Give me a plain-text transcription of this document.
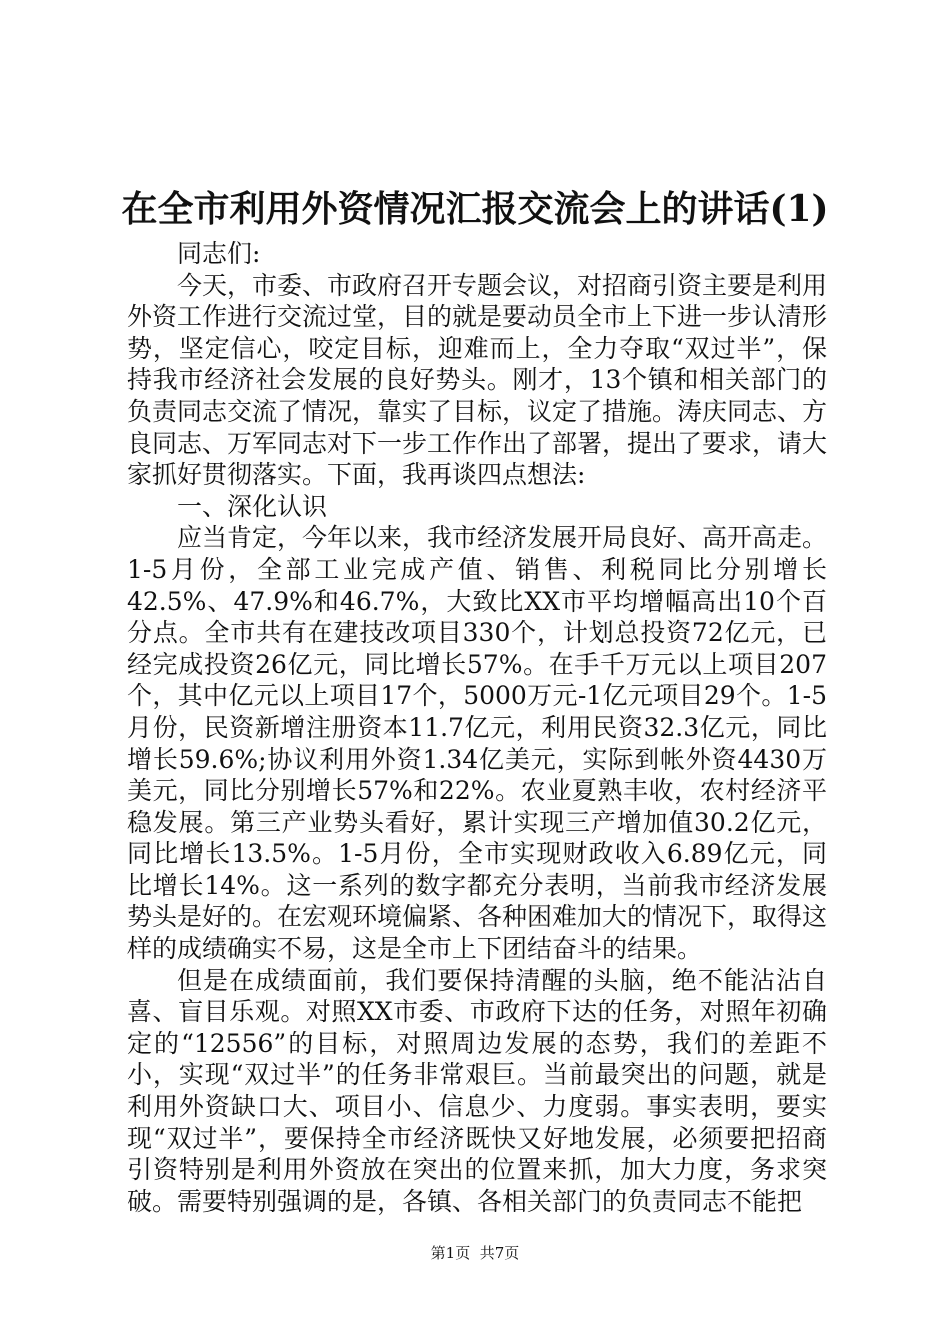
在全市利用外资情况汇报交流会上的讲话(1)

同志们:

今天，市委、市政府召开专题会议，对招商引资主要是利用外资工作进行交流过堂，目的就是要动员全市上下进一步认清形势，坚定信心，咬定目标，迎难而上，全力夺取“双过半”，保持我市经济社会发展的良好势头。刚才，13个镇和相关部门的负责同志交流了情况，靠实了目标，议定了措施。涛庆同志、方良同志、万军同志对下一步工作作出了部署，提出了要求，请大家抓好贯彻落实。下面，我再谈四点想法:

一、深化认识

应当肯定，今年以来，我市经济发展开局良好、高开高走。1-5月份，全部工业完成产值、销售、利税同比分别增长42.5%、47.9%和46.7%，大致比XX市平均增幅高出10个百分点。全市共有在建技改项目330个，计划总投资72亿元，已经完成投资26亿元，同比增长57%。在手千万元以上项目207个，其中亿元以上项目17个，5000万元-1亿元项目29个。1-5月份，民资新增注册资本11.7亿元，利用民资32.3亿元，同比增长59.6%;协议利用外资1.34亿美元，实际到帐外资4430万美元，同比分别增长57%和22%。农业夏熟丰收，农村经济平稳发展。第三产业势头看好，累计实现三产增加值30.2亿元，同比增长13.5%。1-5月份，全市实现财政收入6.89亿元，同比增长14%。这一系列的数字都充分表明，当前我市经济发展势头是好的。在宏观环境偏紧、各种困难加大的情况下，取得这样的成绩确实不易，这是全市上下团结奋斗的结果。

但是在成绩面前，我们要保持清醒的头脑，绝不能沾沾自喜、盲目乐观。对照XX市委、市政府下达的任务，对照年初确定的“12556”的目标，对照周边发展的态势，我们的差距不小，实现“双过半”的任务非常艰巨。当前最突出的问题，就是利用外资缺口大、项目小、信息少、力度弱。事实表明，要实现“双过半”，要保持全市经济既快又好地发展，必须要把招商引资特别是利用外资放在突出的位置来抓，加大力度，务求突破。需要特别强调的是，各镇、各相关部门的负责同志不能把

第1页 共7页
